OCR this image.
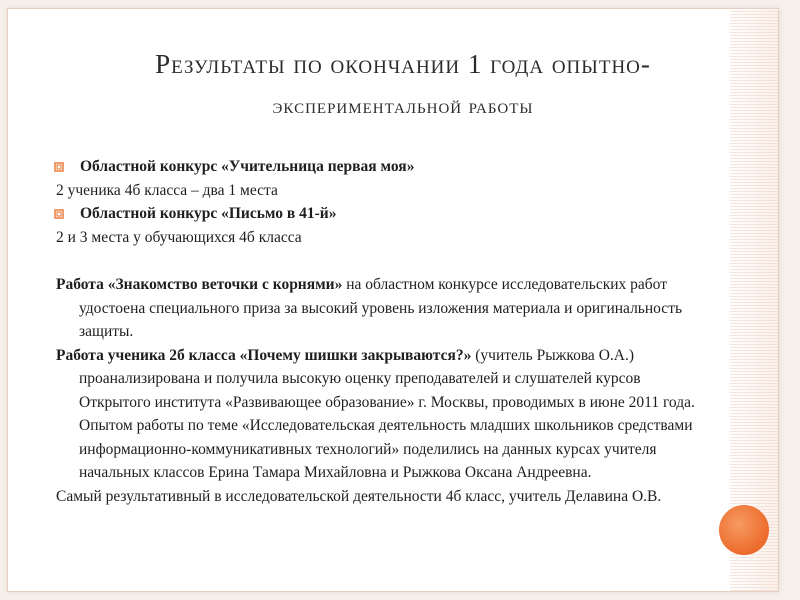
Результаты по окончании 1 года опытно-
экспериментальной работы

Областной конкурс «Учительница первая моя»

2 ученика 4б класса – два 1 места

Областной конкурс «Письмо в 41-й»

2 и 3 места у обучающихся 4б класса

Работа «Знакомство веточки с корнями» на областном конкурсе исследовательских работ удостоена специального приза за высокий уровень изложения материала и оригинальность защиты.

Работа ученика 2б класса «Почему шишки закрываются?» (учитель Рыжкова О.А.) проанализирована и получила высокую оценку преподавателей и слушателей курсов Открытого института «Развивающее образование» г. Москвы, проводимых в июне 2011 года. Опытом работы по теме «Исследовательская деятельность младших школьников средствами информационно-коммуникативных технологий» поделились на данных курсах учителя начальных классов Ерина Тамара Михайловна и Рыжкова Оксана Андреевна.

Самый результативный в исследовательской деятельности 4б класс, учитель Делавина О.В.
